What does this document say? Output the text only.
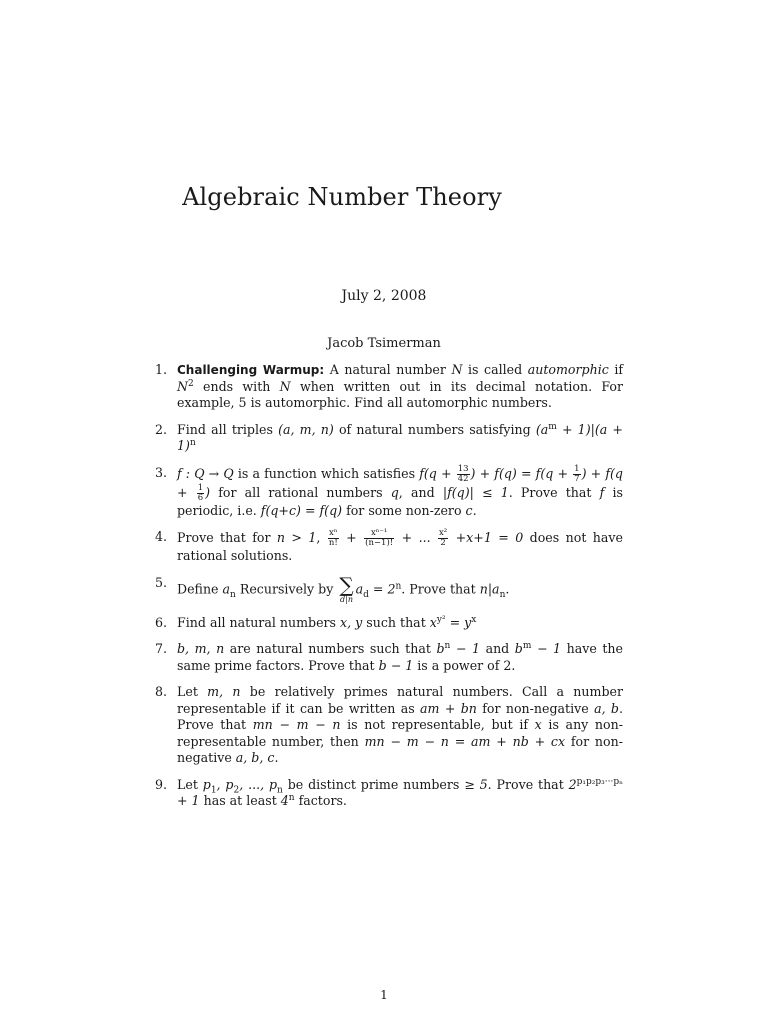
Algebraic Number Theory
July 2, 2008
Jacob Tsimerman
1. Challenging Warmup: A natural number N is called automorphic if $N^2$ ends with N when written out in its decimal notation. For example, 5 is automorphic. Find all automorphic numbers.
2. Find all triples (a, m, n) of natural numbers satisfying $(a^m + 1)|(a + 1)^n$
3. f : Q → Q is a function which satisfies $f(q + \frac{13}{42}$ ) + $f(q) = f(q + \frac{1}{7}$ ) + $f(q + \frac{1}{6}$ ) for all rational numbers q, and |f(q)| ≤ 1. Prove that f is periodic, i.e. f(q+c) = f(q) for some non-zero c.
4. Prove that for n > 1, $\frac{\text{xⁿ}}{n!} + \frac{\text{xⁿ⁻¹}}{(n-1)!}$ + ... $\frac{\text{x²}}{2} +x+1 = 0$ does not have rational solutions.
5. Define $a_n$ Recursively by ∑
d|n
$a_d = 2^n$. Prove that $n|a_n$.
6. Find all natural numbers x, y such that $x^{y^2} = y^x$
7. b, m, n are natural numbers such that $b^n - 1$ and $b^m - 1$ have the same prime factors. Prove that b − 1 is a power of 2.
8. Let m, n be relatively primes natural numbers. Call a number representable if it can be written as am + bn for non-negative a, b. Prove that mn − m − n is not representable, but if x is any non-representable number, then mn − m − n = am + nb + cx for non-negative a, b, c.
9. Let $p_1$, $p_2$, ..., $p_n$ be distinct prime numbers ≥ 5. Prove that $2^{p_1p_2p_3\cdot\cdot\cdot p_n} + 1$ has at least 4$^n$ factors.
1
